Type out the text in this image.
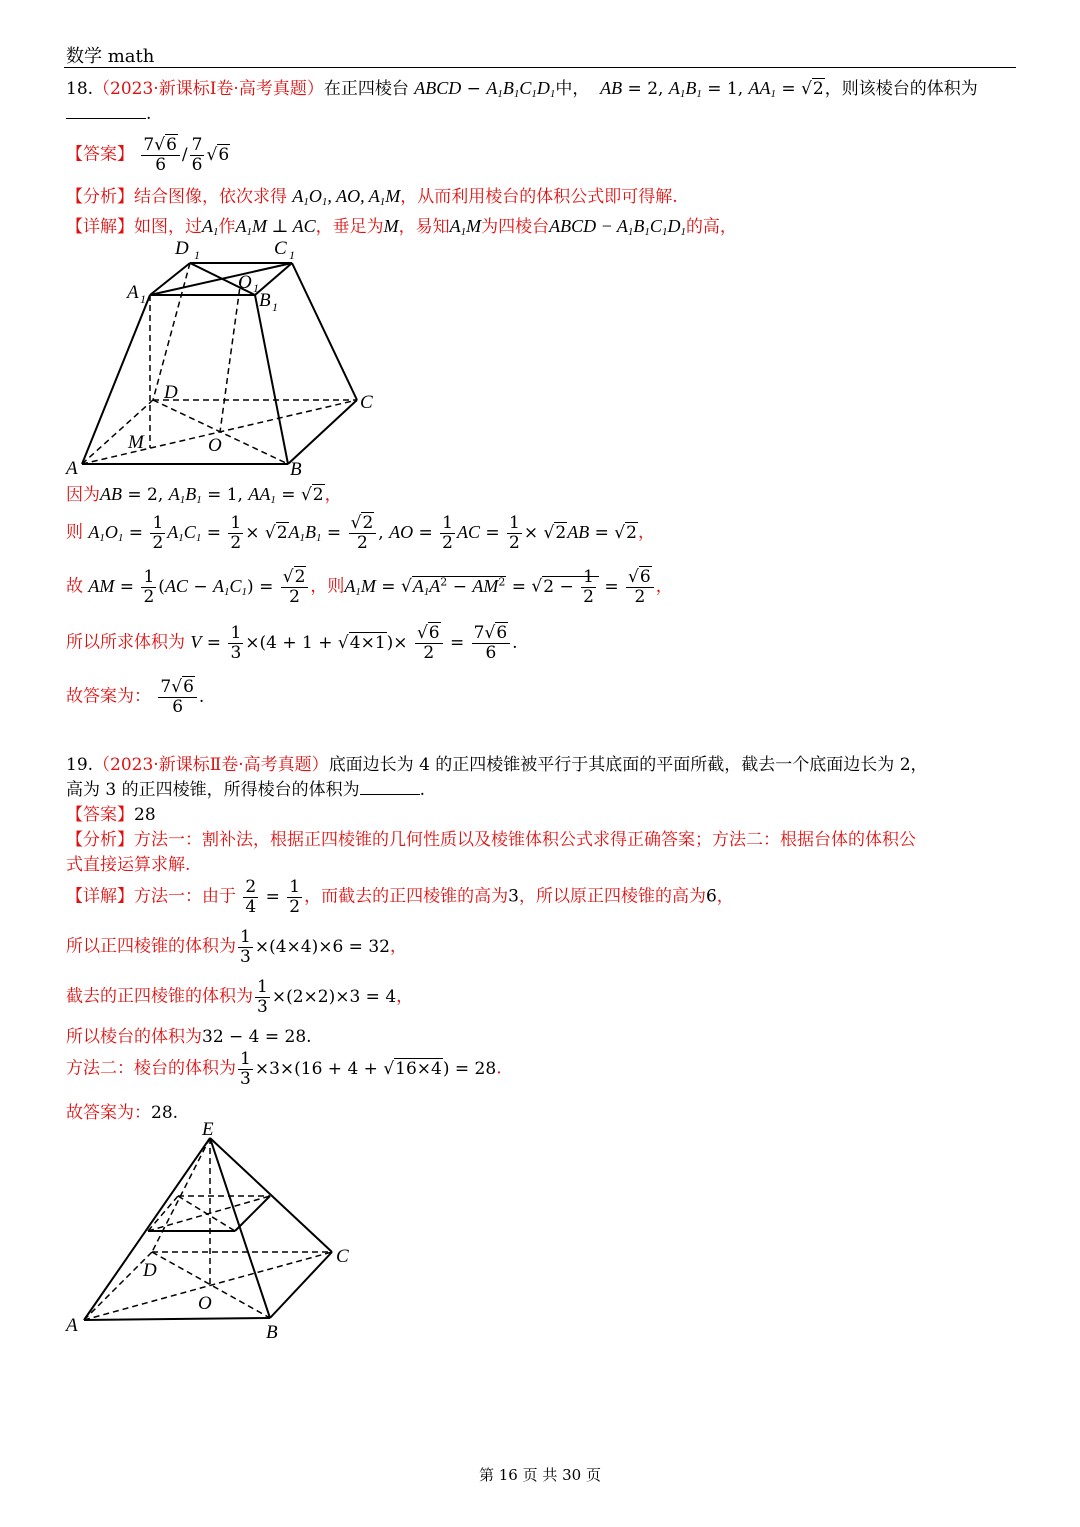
数学 math
18.（2023·新课标Ⅰ卷·高考真题）在正四棱台 ABCD − $A_1B_1C_1D_1$中， AB = 2, $A_1B_1 = 1$, $AA_1 = √2$，则该棱台的体积为
.
【答案】 $\frac{7√6}{6} / \frac{7}{6} √6$
【分析】结合图像，依次求得 $A_1O_1$, AO, $A_1M$，从而利用棱台的体积公式即可得解.
【详解】如图，过$A_1$作$A_1M$ ⊥ AC，垂足为M，易知$A_1M$为四棱台ABCD − $A_1B_1C_1D_1$的高，
D 1	C 1
A 1	B 1
O 1
D	C
M	O
A	B
因为AB = 2, $A_1B_1 = 1$, $AA_1 = √2$，
则 $A_1O_1 = \frac{1}{2} A_1C_1 = \frac{1}{2} \times √2A_1B_1 = \frac{√2}{2}$ , AO = $\frac{1}{2}$ AC = $\frac{1}{2} \times √2AB = √2$，
故 AM = $\frac{1}{2} (AC - A_1C_1) = \frac{√2}{2}$ ，则$A_1M = √A_1A^2 - AM^2 = √2 - \frac{1}{2} = \frac{√6}{2}$ ，
所以所求体积为 $V = \frac{1}{3} \times(4 + 1 + √4\times 1)\times \frac{√6}{2} = \frac{7√6}{6}$ .
故答案为： $\frac{7√6}{6}$ .
19.（2023·新课标Ⅱ卷·高考真题）底面边长为 4 的正四棱锥被平行于其底面的平面所截，截去一个底面边长为 2，
高为 3 的正四棱锥，所得棱台的体积为	.
【答案】28
【分析】方法一：割补法，根据正四棱锥的几何性质以及棱锥体积公式求得正确答案；方法二：根据台体的体积公
式直接运算求解.
【详解】方法一：由于 $\frac{2}{4} = \frac{1}{2}$ ，而截去的正四棱锥的高为3，所以原正四棱锥的高为6，
所以正四棱锥的体积为 $\frac{1}{3} \times(4\times 4)\times 6 = 32$，
截去的正四棱锥的体积为 $\frac{1}{3} \times(2\times 2)\times 3 = 4$，
所以棱台的体积为32 − 4 = 28.
方法二：棱台的体积为 $\frac{1}{3} \times 3\times(16 + 4 + √16\times 4) = 28$.
故答案为：28.
E
C
D
O
A	B
第 16 页 共 30 页
